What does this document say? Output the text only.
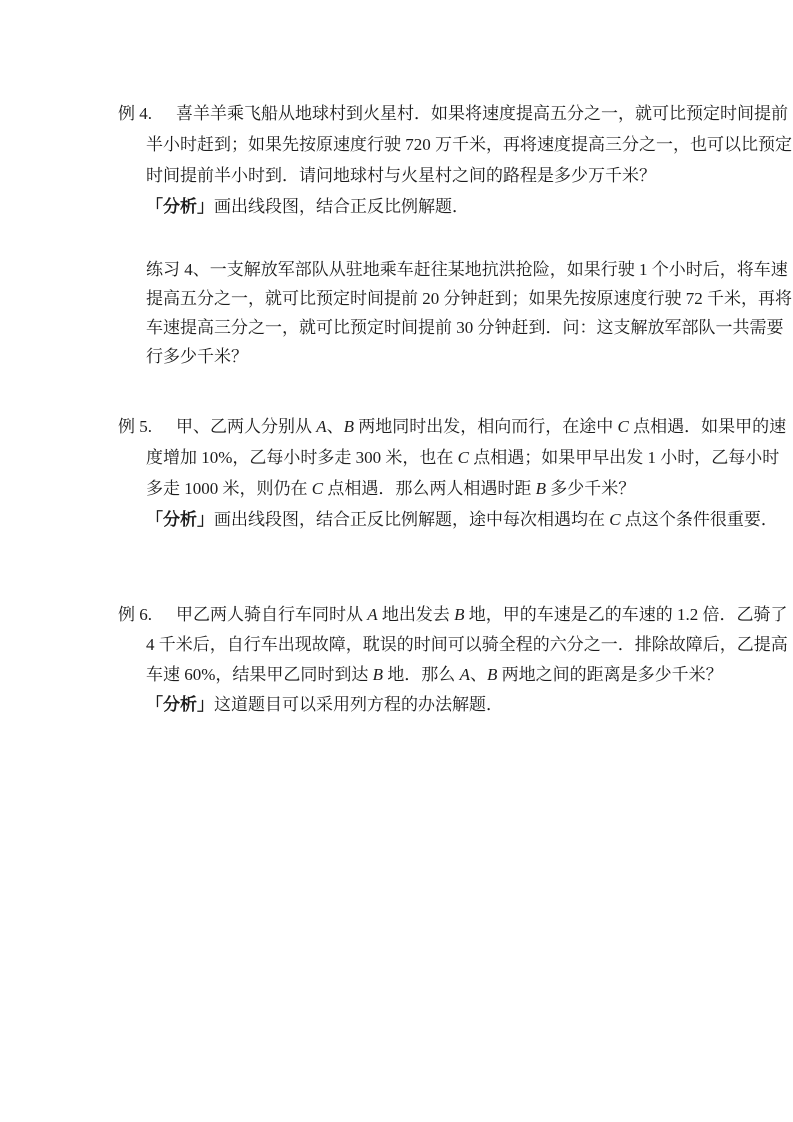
例 4. 喜羊羊乘飞船从地球村到火星村．如果将速度提高五分之一，就可比预定时间提前
半小时赶到；如果先按原速度行驶 720 万千米，再将速度提高三分之一，也可以比预定
时间提前半小时到．请问地球村与火星村之间的路程是多少万千米？
「分析」画出线段图，结合正反比例解题．
练习 4、一支解放军部队从驻地乘车赶往某地抗洪抢险，如果行驶 1 个小时后，将车速
提高五分之一，就可比预定时间提前 20 分钟赶到；如果先按原速度行驶 72 千米，再将
车速提高三分之一，就可比预定时间提前 30 分钟赶到．问：这支解放军部队一共需要
行多少千米？
例 5. 甲、乙两人分别从 A、B 两地同时出发，相向而行，在途中 C 点相遇．如果甲的速
度增加 10%，乙每小时多走 300 米，也在 C 点相遇；如果甲早出发 1 小时，乙每小时
多走 1000 米，则仍在 C 点相遇．那么两人相遇时距 B 多少千米？
「分析」画出线段图，结合正反比例解题，途中每次相遇均在 C 点这个条件很重要．
例 6. 甲乙两人骑自行车同时从 A 地出发去 B 地，甲的车速是乙的车速的 1.2 倍．乙骑了
4 千米后，自行车出现故障，耽误的时间可以骑全程的六分之一．排除故障后，乙提高
车速 60%，结果甲乙同时到达 B 地．那么 A、B 两地之间的距离是多少千米？
「分析」这道题目可以采用列方程的办法解题．
